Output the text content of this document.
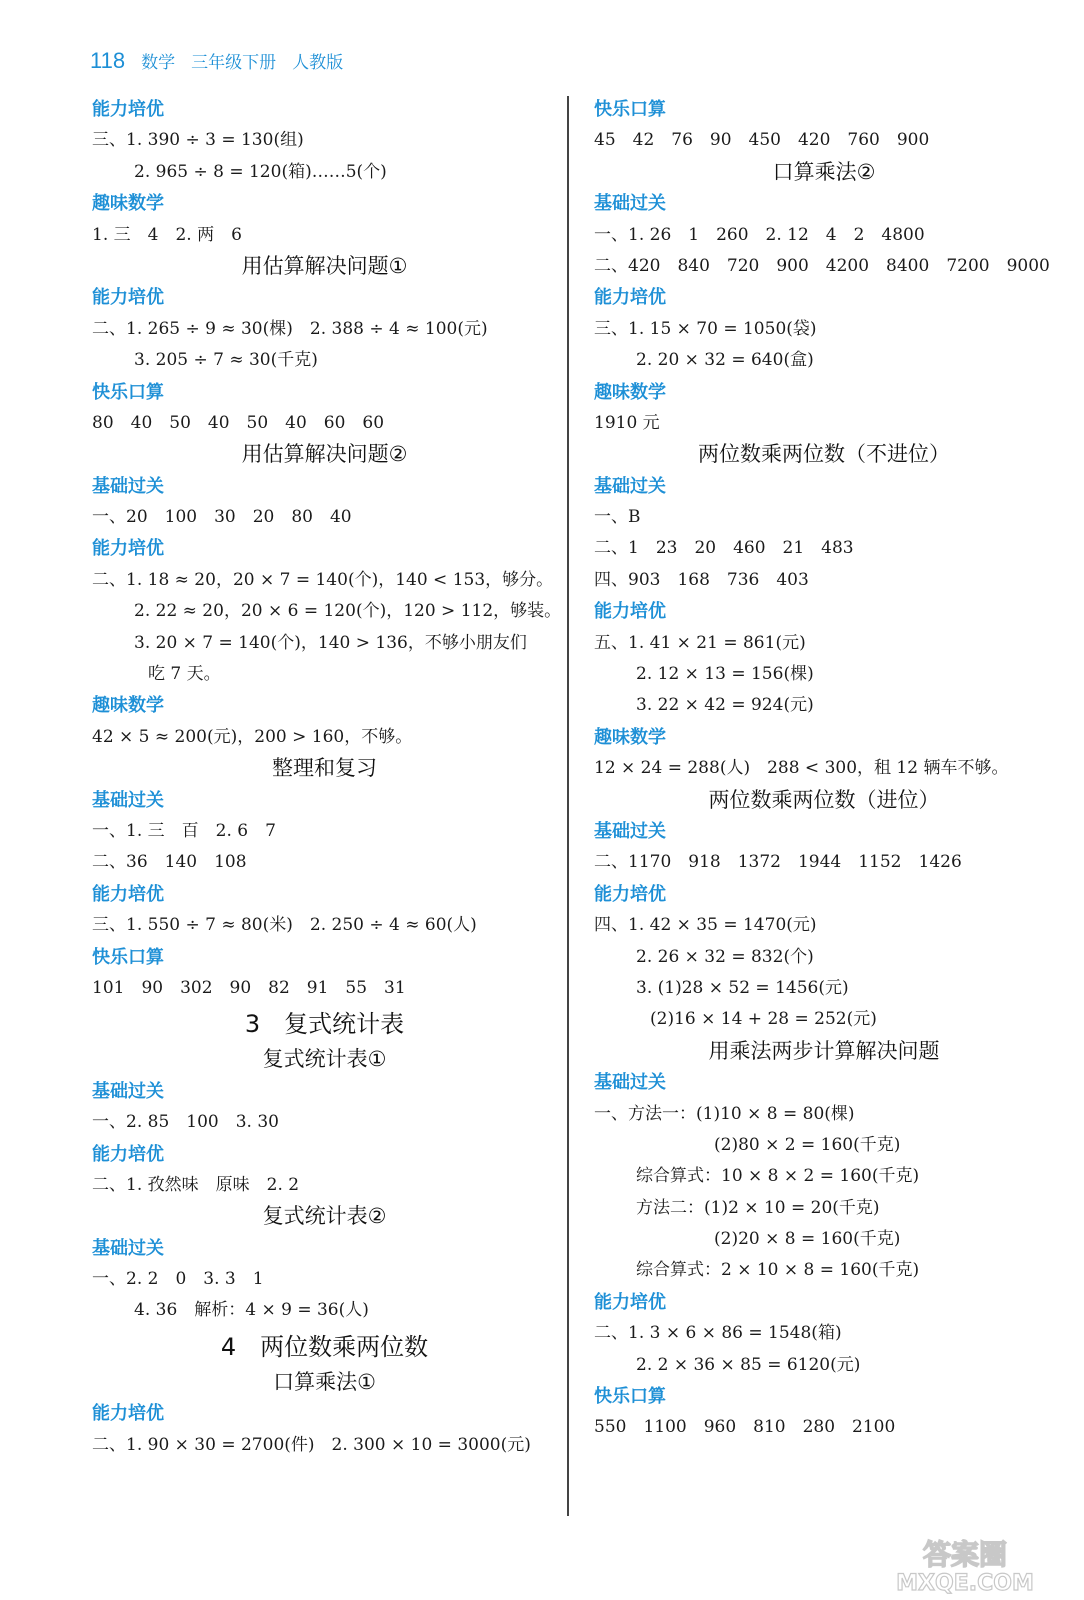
118 数学 三年级下册 人教版
能力培优
三、1. 390 ÷ 3 = 130(组)
2. 965 ÷ 8 = 120(箱)……5(个)
趣味数学
1. 三　4　2. 两　6
用估算解决问题①
能力培优
二、1. 265 ÷ 9 ≈ 30(棵)　2. 388 ÷ 4 ≈ 100(元)
3. 205 ÷ 7 ≈ 30(千克)
快乐口算
80　40　50　40　50　40　60　60
用估算解决问题②
基础过关
一、20　100　30　20　80　40
能力培优
二、1. 18 ≈ 20，20 × 7 = 140(个)，140 < 153，够分。
2. 22 ≈ 20，20 × 6 = 120(个)，120 > 112，够装。
3. 20 × 7 = 140(个)，140 > 136，不够小朋友们
吃 7 天。
趣味数学
42 × 5 ≈ 200(元)，200 > 160，不够。
整理和复习
基础过关
一、1. 三　百　2. 6　7
二、36　140　108
能力培优
三、1. 550 ÷ 7 ≈ 80(米)　2. 250 ÷ 4 ≈ 60(人)
快乐口算
101　90　302　90　82　91　55　31
3　复式统计表
复式统计表①
基础过关
一、2. 85　100　3. 30
能力培优
二、1. 孜然味　原味　2. 2
复式统计表②
基础过关
一、2. 2　0　3. 3　1
4. 36　解析：4 × 9 = 36(人)
4　两位数乘两位数
口算乘法①
能力培优
二、1. 90 × 30 = 2700(件)　2. 300 × 10 = 3000(元)
快乐口算
45　42　76　90　450　420　760　900
口算乘法②
基础过关
一、1. 26　1　260　2. 12　4　2　4800
二、420　840　720　900　4200　8400　7200　9000
能力培优
三、1. 15 × 70 = 1050(袋)
2. 20 × 32 = 640(盒)
趣味数学
1910 元
两位数乘两位数（不进位）
基础过关
一、B
二、1　23　20　460　21　483
四、903　168　736　403
能力培优
五、1. 41 × 21 = 861(元)
2. 12 × 13 = 156(棵)
3. 22 × 42 = 924(元)
趣味数学
12 × 24 = 288(人)　288 < 300，租 12 辆车不够。
两位数乘两位数（进位）
基础过关
二、1170　918　1372　1944　1152　1426
能力培优
四、1. 42 × 35 = 1470(元)
2. 26 × 32 = 832(个)
3. (1)28 × 52 = 1456(元)
(2)16 × 14 + 28 = 252(元)
用乘法两步计算解决问题
基础过关
一、方法一：(1)10 × 8 = 80(棵)
(2)80 × 2 = 160(千克)
综合算式：10 × 8 × 2 = 160(千克)
方法二：(1)2 × 10 = 20(千克)
(2)20 × 8 = 160(千克)
综合算式：2 × 10 × 8 = 160(千克)
能力培优
二、1. 3 × 6 × 86 = 1548(箱)
2. 2 × 36 × 85 = 6120(元)
快乐口算
550　1100　960　810　280　2100
答案圈
MXQE.COM
